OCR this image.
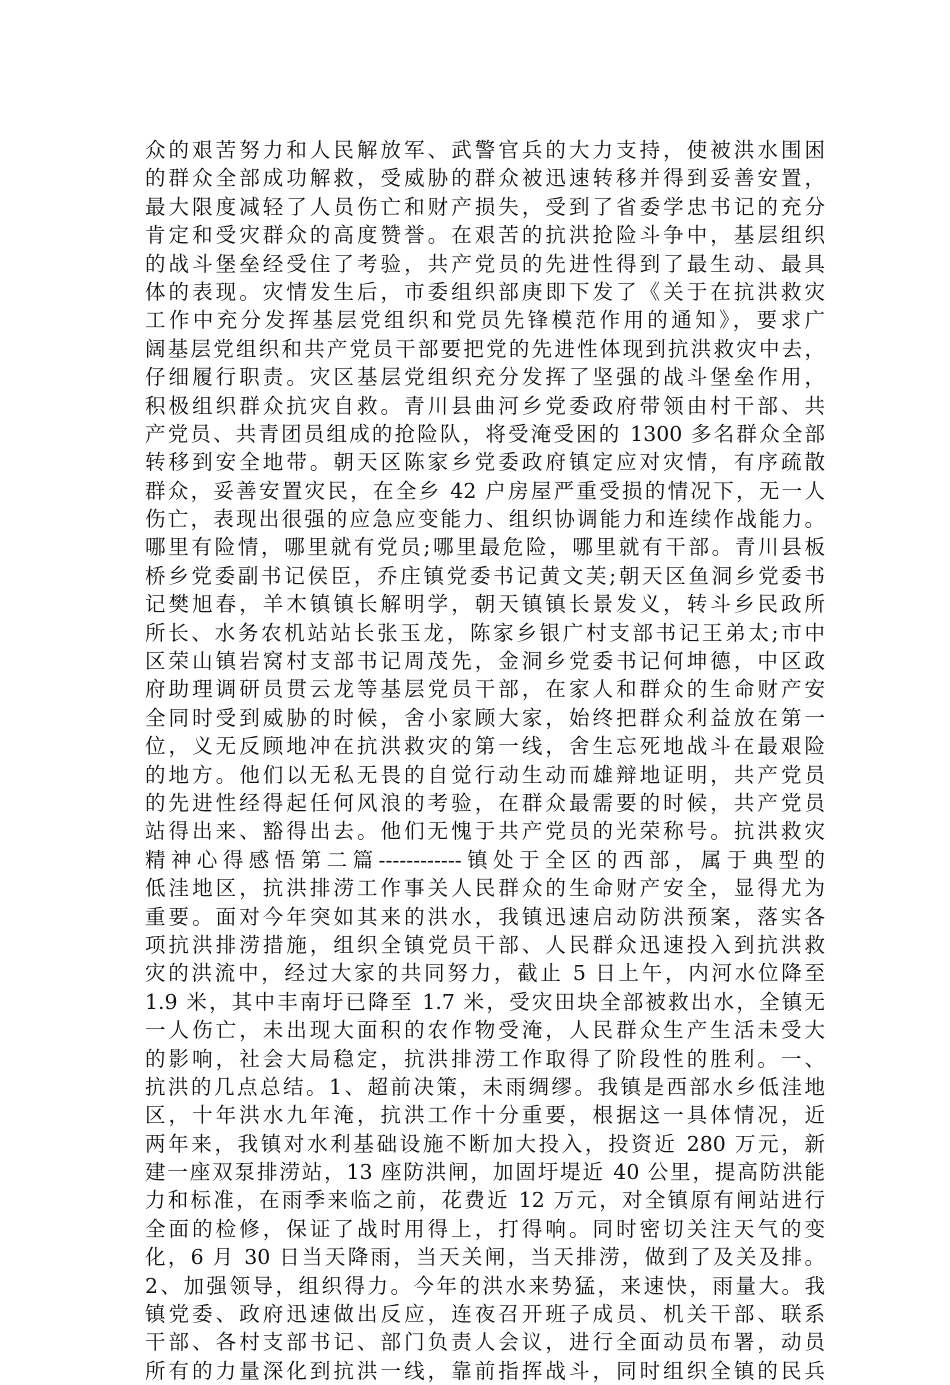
众的艰苦努力和人民解放军、武警官兵的大力支持，使被洪水围困
的群众全部成功解救，受威胁的群众被迅速转移并得到妥善安置，
最大限度减轻了人员伤亡和财产损失，受到了省委学忠书记的充分
肯定和受灾群众的高度赞誉。在艰苦的抗洪抢险斗争中，基层组织
的战斗堡垒经受住了考验，共产党员的先进性得到了最生动、最具
体的表现。灾情发生后，市委组织部庚即下发了《关于在抗洪救灾
工作中充分发挥基层党组织和党员先锋模范作用的通知》，要求广
阔基层党组织和共产党员干部要把党的先进性体现到抗洪救灾中去，
仔细履行职责。灾区基层党组织充分发挥了坚强的战斗堡垒作用，
积极组织群众抗灾自救。青川县曲河乡党委政府带领由村干部、共
产党员、共青团员组成的抢险队，将受淹受困的 1300 多名群众全部
转移到安全地带。朝天区陈家乡党委政府镇定应对灾情，有序疏散
群众，妥善安置灾民，在全乡 42 户房屋严重受损的情况下，无一人
伤亡，表现出很强的应急应变能力、组织协调能力和连续作战能力。
哪里有险情，哪里就有党员;哪里最危险，哪里就有干部。青川县板
桥乡党委副书记侯臣，乔庄镇党委书记黄文芙;朝天区鱼洞乡党委书
记樊旭春，羊木镇镇长解明学，朝天镇镇长景发义，转斗乡民政所
所长、水务农机站站长张玉龙，陈家乡银广村支部书记王弟太;市中
区荣山镇岩窝村支部书记周茂先，金洞乡党委书记何坤德，中区政
府助理调研员贯云龙等基层党员干部，在家人和群众的生命财产安
全同时受到威胁的时候，舍小家顾大家，始终把群众利益放在第一
位，义无反顾地冲在抗洪救灾的第一线，舍生忘死地战斗在最艰险
的地方。他们以无私无畏的自觉行动生动而雄辩地证明，共产党员
的先进性经得起任何风浪的考验，在群众最需要的时候，共产党员
站得出来、豁得出去。他们无愧于共产党员的光荣称号。抗洪救灾
精神心得感悟第二篇------------镇处于全区的西部，属于典型的
低洼地区，抗洪排涝工作事关人民群众的生命财产安全，显得尤为
重要。面对今年突如其来的洪水，我镇迅速启动防洪预案，落实各
项抗洪排涝措施，组织全镇党员干部、人民群众迅速投入到抗洪救
灾的洪流中，经过大家的共同努力，截止 5 日上午，内河水位降至
1.9 米，其中丰南圩已降至 1.7 米，受灾田块全部被救出水，全镇无
一人伤亡，未出现大面积的农作物受淹，人民群众生产生活未受大
的影响，社会大局稳定，抗洪排涝工作取得了阶段性的胜利。一、
抗洪的几点总结。1、超前决策，未雨绸缪。我镇是西部水乡低洼地
区，十年洪水九年淹，抗洪工作十分重要，根据这一具体情况，近
两年来，我镇对水利基础设施不断加大投入，投资近 280 万元，新
建一座双泵排涝站，13 座防洪闸，加固圩堤近 40 公里，提高防洪能
力和标准，在雨季来临之前，花费近 12 万元，对全镇原有闸站进行
全面的检修，保证了战时用得上，打得响。同时密切关注天气的变
化，6 月 30 日当天降雨，当天关闸，当天排涝，做到了及关及排。
2、加强领导，组织得力。今年的洪水来势猛，来速快，雨量大。我
镇党委、政府迅速做出反应，连夜召开班子成员、机关干部、联系
干部、各村支部书记、部门负责人会议，进行全面动员布署，动员
所有的力量深化到抗洪一线，靠前指挥战斗，同时组织全镇的民兵
